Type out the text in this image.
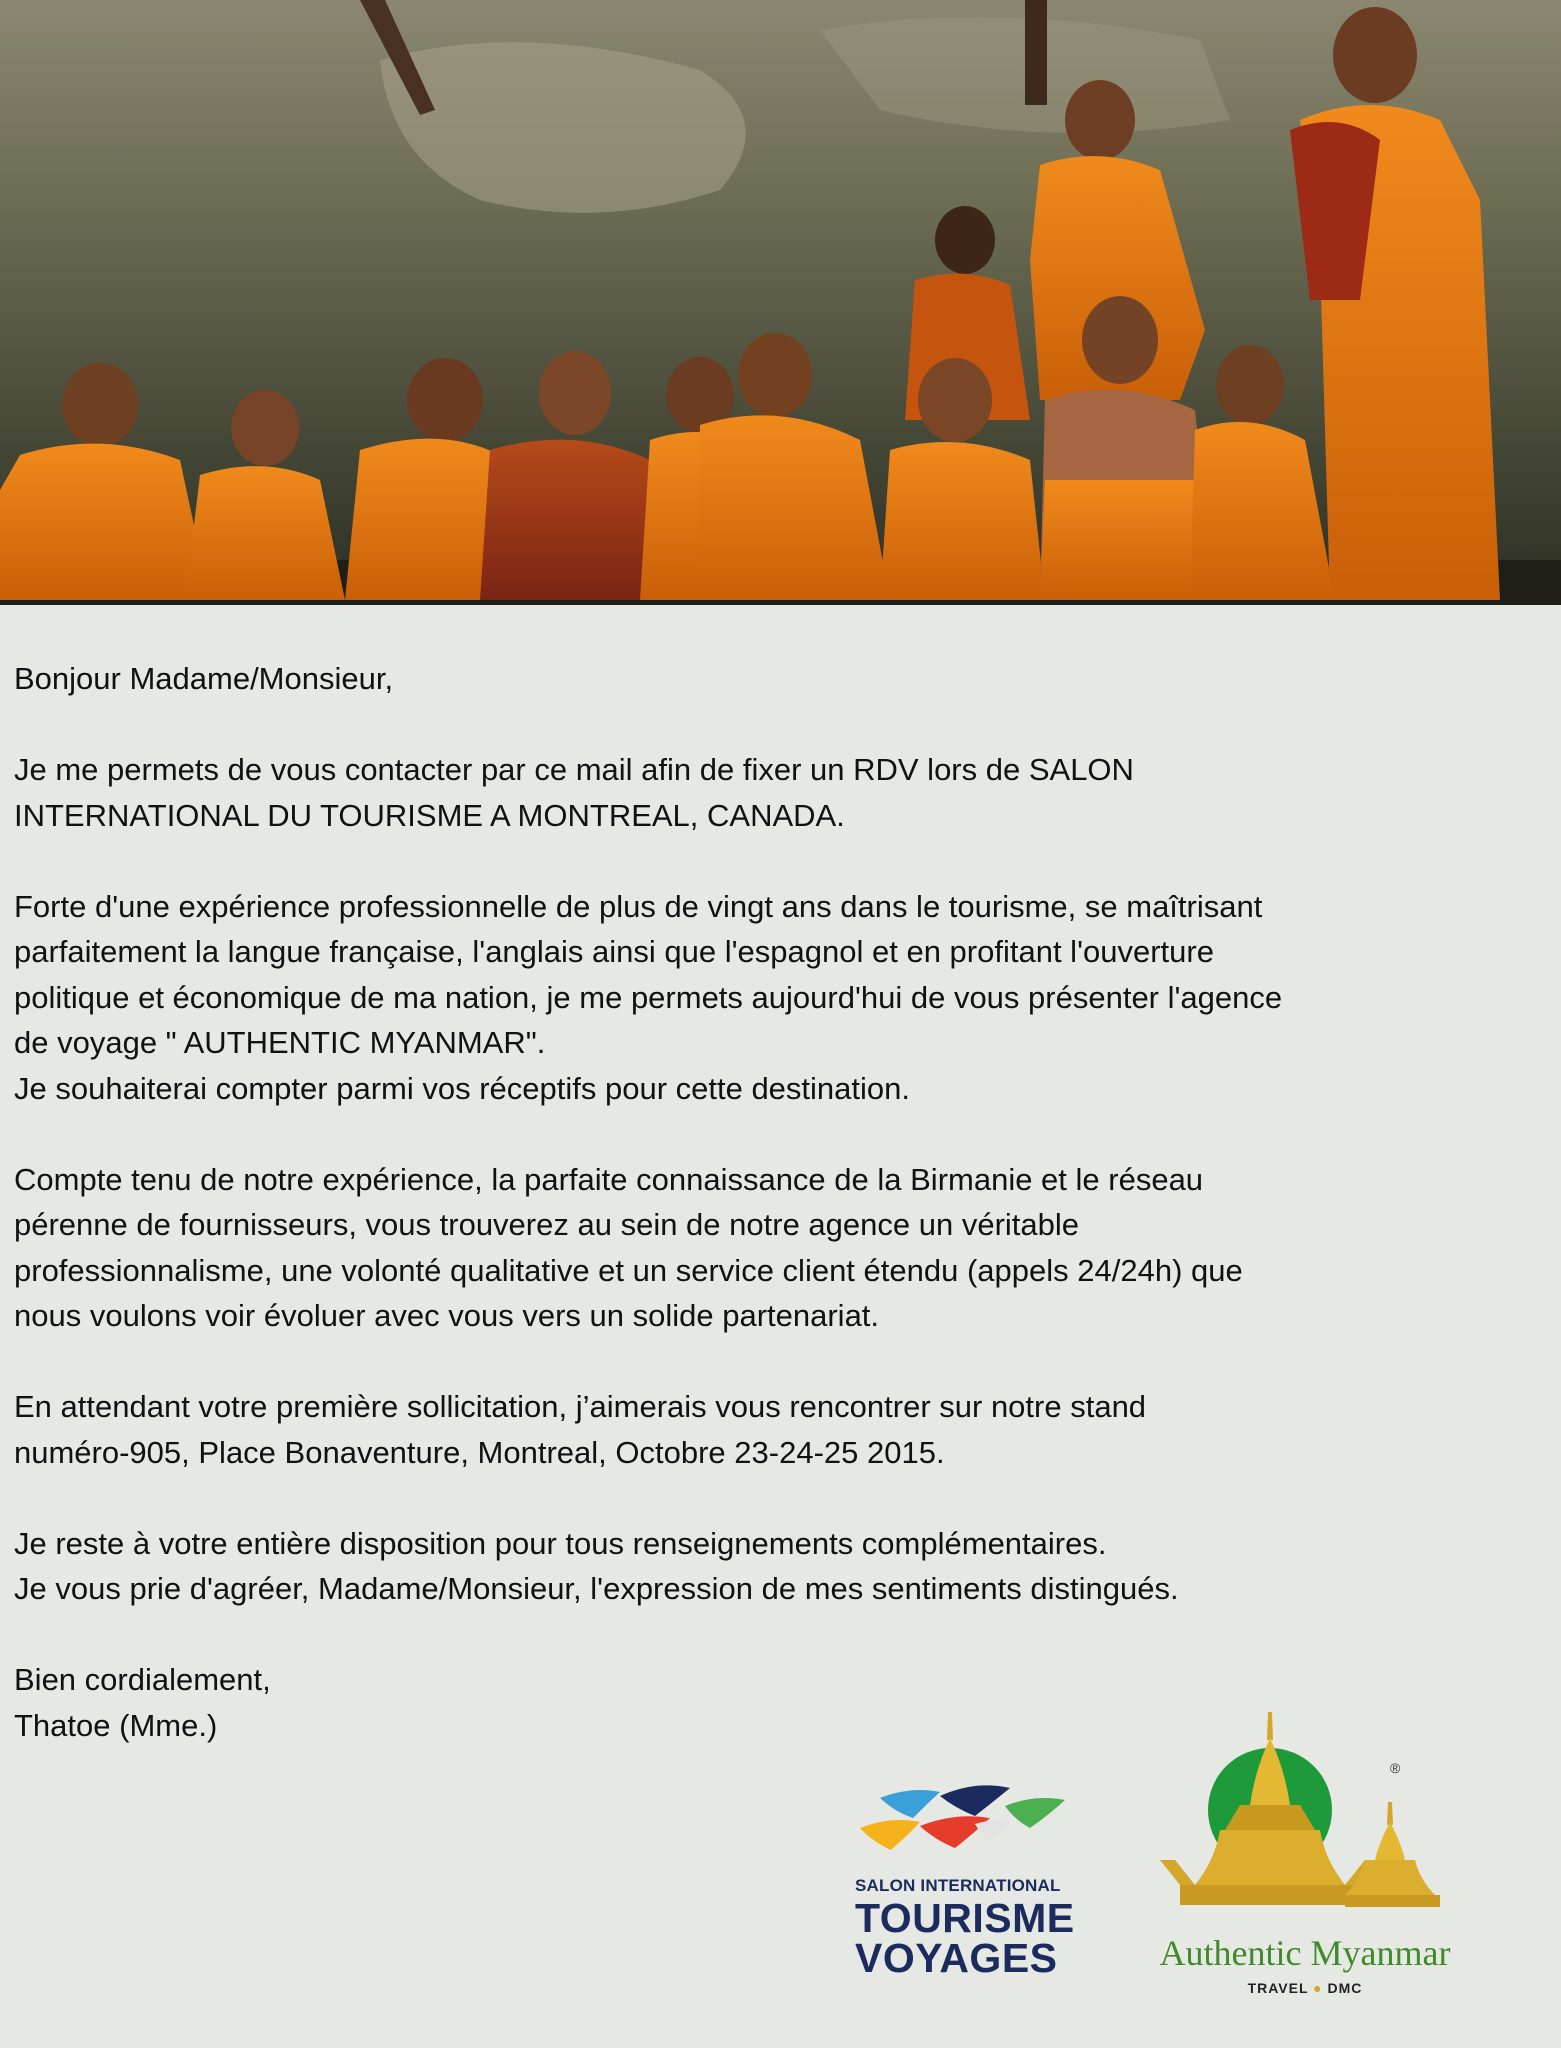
Bonjour Madame/Monsieur,

Je me permets de vous contacter par ce mail afin de fixer un RDV lors de SALON
INTERNATIONAL DU TOURISME A MONTREAL, CANADA.

Forte d'une expérience professionnelle de plus de vingt ans dans le tourisme, se maîtrisant
parfaitement la langue française, l'anglais ainsi que l'espagnol et en profitant l'ouverture
politique et économique de ma nation, je me permets aujourd'hui de vous présenter l'agence
de voyage " AUTHENTIC MYANMAR".
Je souhaiterai compter parmi vos réceptifs pour cette destination.

Compte tenu de notre expérience, la parfaite connaissance de la Birmanie et le réseau
pérenne de fournisseurs, vous trouverez au sein de notre agence un véritable
professionnalisme, une volonté qualitative et un service client étendu (appels 24/24h) que
nous voulons voir évoluer avec vous vers un solide partenariat.

En attendant votre première sollicitation, j’aimerais vous rencontrer sur notre stand
numéro-905, Place Bonaventure, Montreal, Octobre 23-24-25 2015.

Je reste à votre entière disposition pour tous renseignements complémentaires.
Je vous prie d'agréer, Madame/Monsieur, l'expression de mes sentiments distingués.

Bien cordialement,
Thatoe (Mme.)

SALON INTERNATIONAL
TOURISME
VOYAGES
®
Authentic Myanmar
TRAVEL ● DMC
